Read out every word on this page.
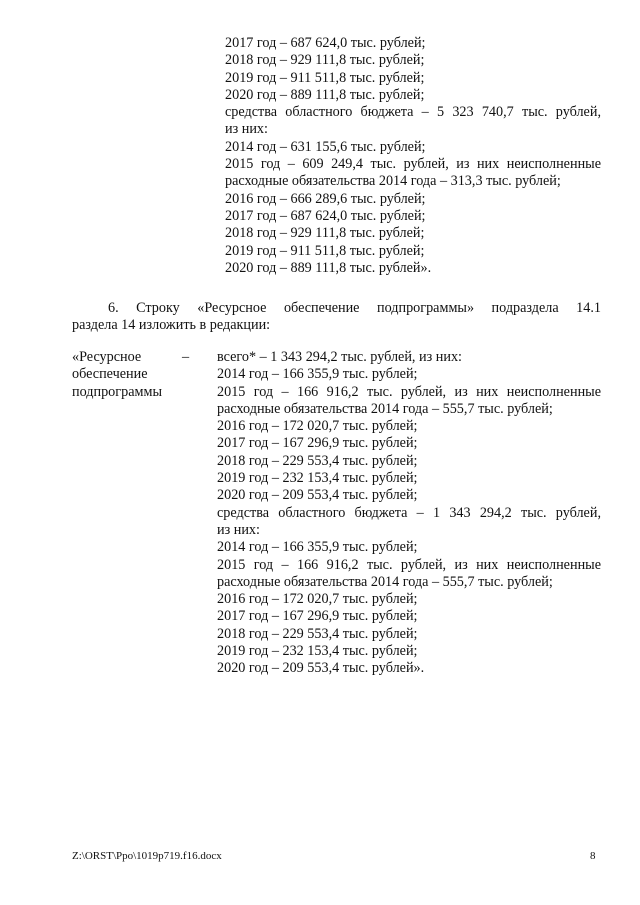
2017 год – 687 624,0 тыс. рублей;
2018 год – 929 111,8 тыс. рублей;
2019 год – 911 511,8 тыс. рублей;
2020 год – 889 111,8 тыс. рублей;
средства областного бюджета – 5 323 740,7 тыс. рублей,
из них:
2014 год – 631 155,6 тыс. рублей;
2015 год – 609 249,4 тыс. рублей, из них неисполненные
расходные обязательства 2014 года – 313,3 тыс. рублей;
2016 год – 666 289,6 тыс. рублей;
2017 год – 687 624,0 тыс. рублей;
2018 год – 929 111,8 тыс. рублей;
2019 год – 911 511,8 тыс. рублей;
2020 год – 889 111,8 тыс. рублей».
6. Строку «Ресурсное обеспечение подпрограммы» подраздела 14.1
раздела 14 изложить в редакции:
«Ресурсное
обеспечение
подпрограммы
– всего* – 1 343 294,2 тыс. рублей, из них:
2014 год – 166 355,9 тыс. рублей;
2015 год – 166 916,2 тыс. рублей, из них неисполненные
расходные обязательства 2014 года – 555,7 тыс. рублей;
2016 год – 172 020,7 тыс. рублей;
2017 год – 167 296,9 тыс. рублей;
2018 год – 229 553,4 тыс. рублей;
2019 год – 232 153,4 тыс. рублей;
2020 год – 209 553,4 тыс. рублей;
средства областного бюджета – 1 343 294,2 тыс. рублей,
из них:
2014 год – 166 355,9 тыс. рублей;
2015 год – 166 916,2 тыс. рублей, из них неисполненные
расходные обязательства 2014 года – 555,7 тыс. рублей;
2016 год – 172 020,7 тыс. рублей;
2017 год – 167 296,9 тыс. рублей;
2018 год – 229 553,4 тыс. рублей;
2019 год – 232 153,4 тыс. рублей;
2020 год – 209 553,4 тыс. рублей».
Z:\ORST\Ppo\1019p719.f16.docx	8
